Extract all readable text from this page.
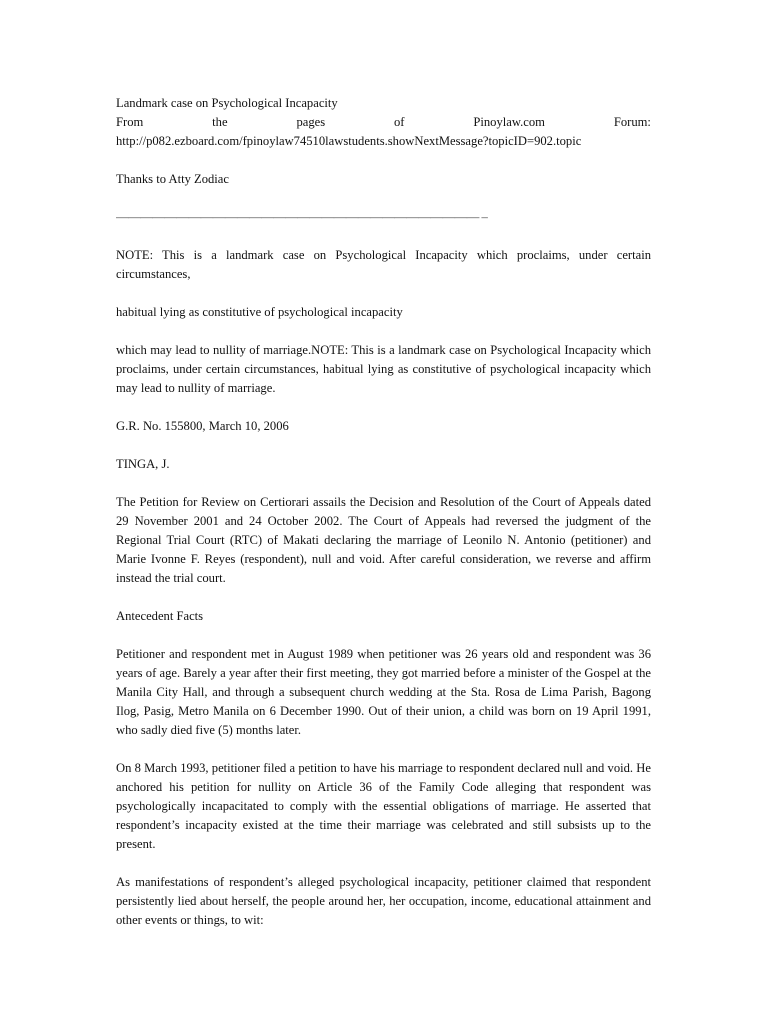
Landmark case on Psychological Incapacity
From	the	pages	of	Pinoylaw.com	Forum:
http://p082.ezboard.com/fpinoylaw74510lawstudents.showNextMessage?topicID=902.topic

Thanks to Atty Zodiac

—————————————————————————————— –

NOTE: This is a landmark case on Psychological Incapacity which proclaims, under certain circumstances,

habitual lying as constitutive of psychological incapacity

which may lead to nullity of marriage.NOTE: This is a landmark case on Psychological Incapacity which proclaims, under certain circumstances, habitual lying as constitutive of psychological incapacity which may lead to nullity of marriage.

G.R. No. 155800, March 10, 2006

TINGA, J.

The Petition for Review on Certiorari assails the Decision and Resolution of the Court of Appeals dated 29 November 2001 and 24 October 2002. The Court of Appeals had reversed the judgment of the Regional Trial Court (RTC) of Makati declaring the marriage of Leonilo N. Antonio (petitioner) and Marie Ivonne F. Reyes (respondent), null and void. After careful consideration, we reverse and affirm instead the trial court.

Antecedent Facts

Petitioner and respondent met in August 1989 when petitioner was 26 years old and respondent was 36 years of age. Barely a year after their first meeting, they got married before a minister of the Gospel at the Manila City Hall, and through a subsequent church wedding at the Sta. Rosa de Lima Parish, Bagong Ilog, Pasig, Metro Manila on 6 December 1990. Out of their union, a child was born on 19 April 1991, who sadly died five (5) months later.

On 8 March 1993, petitioner filed a petition to have his marriage to respondent declared null and void. He anchored his petition for nullity on Article 36 of the Family Code alleging that respondent was psychologically incapacitated to comply with the essential obligations of marriage. He asserted that respondent’s incapacity existed at the time their marriage was celebrated and still subsists up to the present.

As manifestations of respondent’s alleged psychological incapacity, petitioner claimed that respondent persistently lied about herself, the people around her, her occupation, income, educational attainment and other events or things, to wit:
